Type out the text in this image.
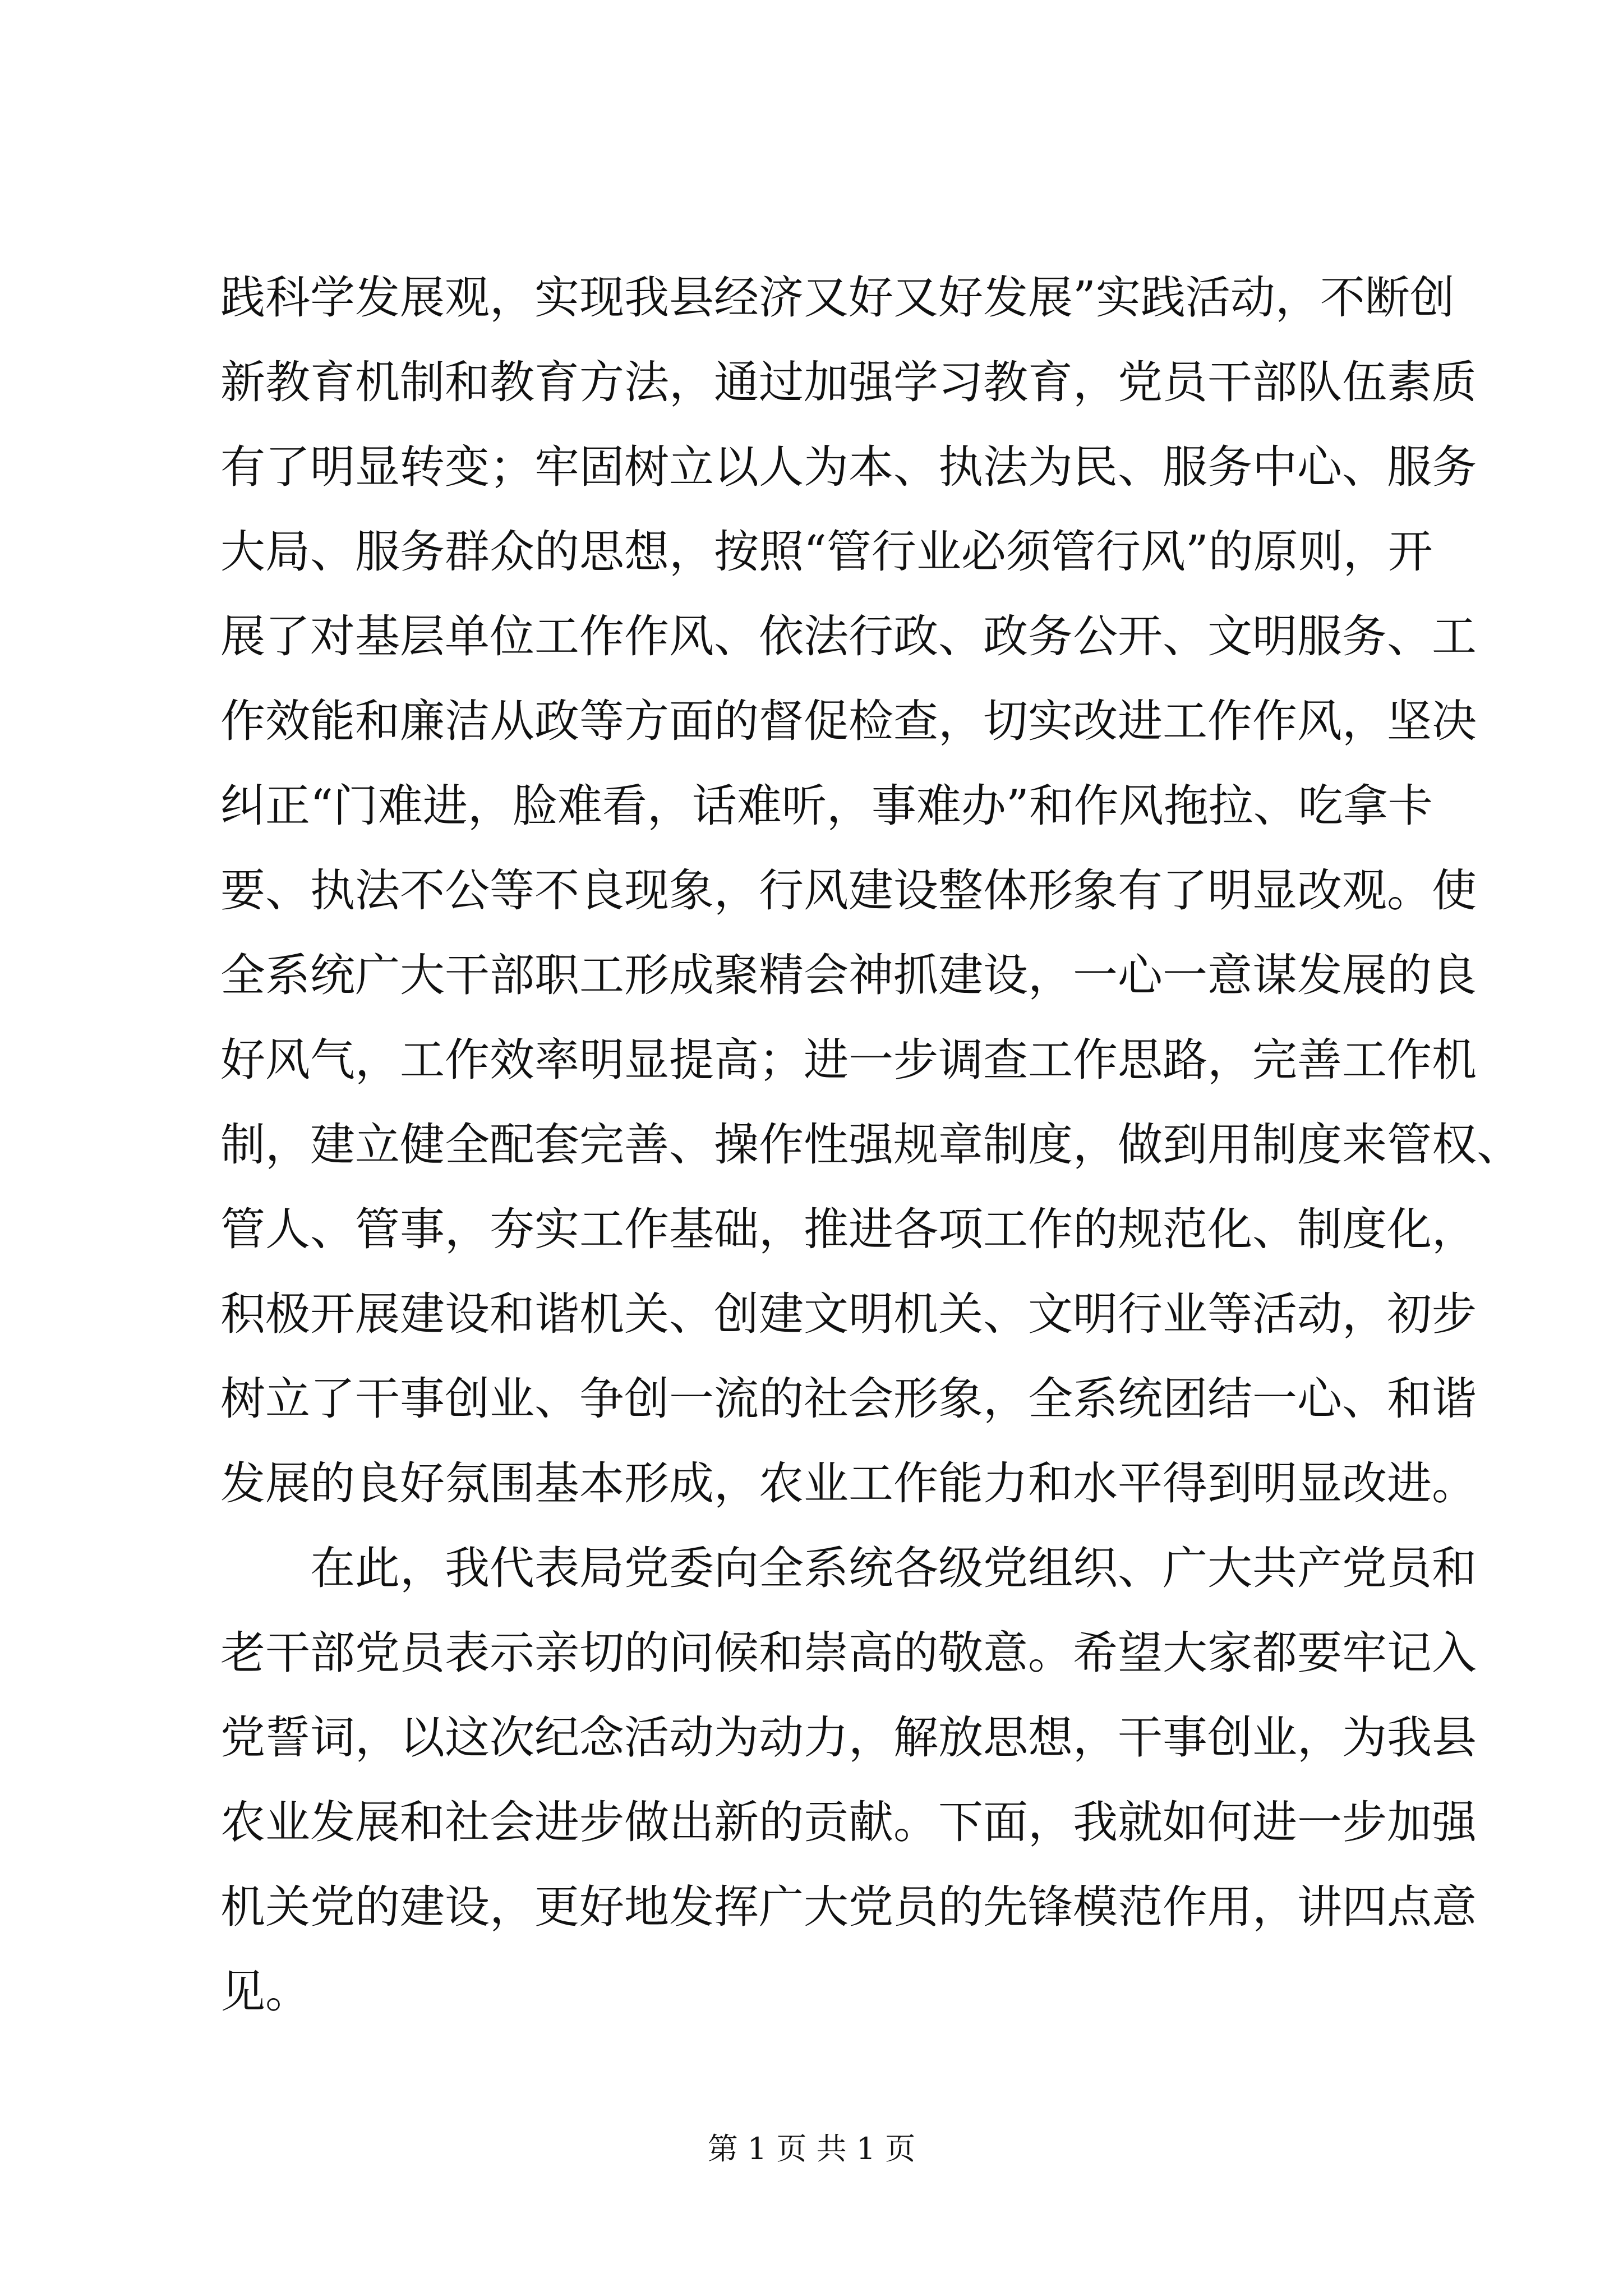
践科学发展观，实现我县经济又好又好发展”实践活动，不断创
新教育机制和教育方法，通过加强学习教育，党员干部队伍素质
有了明显转变；牢固树立以人为本、执法为民、服务中心、服务
大局、服务群众的思想，按照“管行业必须管行风”的原则，开
展了对基层单位工作作风、依法行政、政务公开、文明服务、工
作效能和廉洁从政等方面的督促检查，切实改进工作作风，坚决
纠正“门难进，脸难看，话难听，事难办”和作风拖拉、吃拿卡
要、执法不公等不良现象，行风建设整体形象有了明显改观。使
全系统广大干部职工形成聚精会神抓建设，一心一意谋发展的良
好风气，工作效率明显提高；进一步调查工作思路，完善工作机
制，建立健全配套完善、操作性强规章制度，做到用制度来管权、
管人、管事，夯实工作基础，推进各项工作的规范化、制度化，
积极开展建设和谐机关、创建文明机关、文明行业等活动，初步
树立了干事创业、争创一流的社会形象，全系统团结一心、和谐
发展的良好氛围基本形成，农业工作能力和水平得到明显改进。
在此，我代表局党委向全系统各级党组织、广大共产党员和
老干部党员表示亲切的问候和崇高的敬意。希望大家都要牢记入
党誓词，以这次纪念活动为动力，解放思想，干事创业，为我县
农业发展和社会进步做出新的贡献。下面，我就如何进一步加强
机关党的建设，更好地发挥广大党员的先锋模范作用，讲四点意
见。
第 1 页 共 1 页
